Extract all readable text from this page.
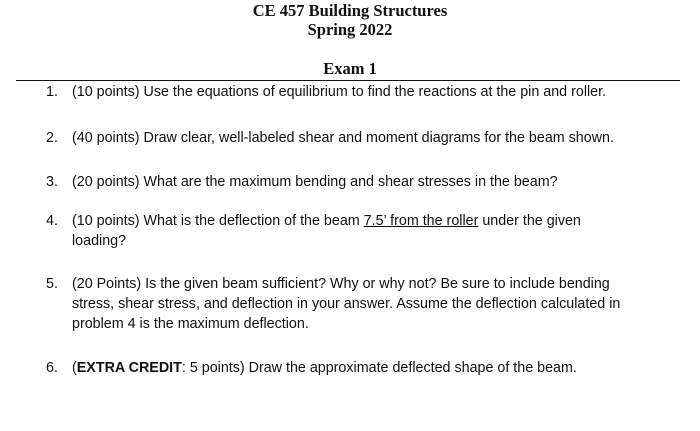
CE 457 Building Structures
Spring 2022
Exam 1
1. (10 points) Use the equations of equilibrium to find the reactions at the pin and roller.
2. (40 points) Draw clear, well-labeled shear and moment diagrams for the beam shown.
3. (20 points) What are the maximum bending and shear stresses in the beam?
4. (10 points) What is the deflection of the beam 7.5’ from the roller under the given
loading?
5. (20 Points) Is the given beam sufficient? Why or why not? Be sure to include bending
stress, shear stress, and deflection in your answer. Assume the deflection calculated in
problem 4 is the maximum deflection.
6. (EXTRA CREDIT: 5 points) Draw the approximate deflected shape of the beam.
